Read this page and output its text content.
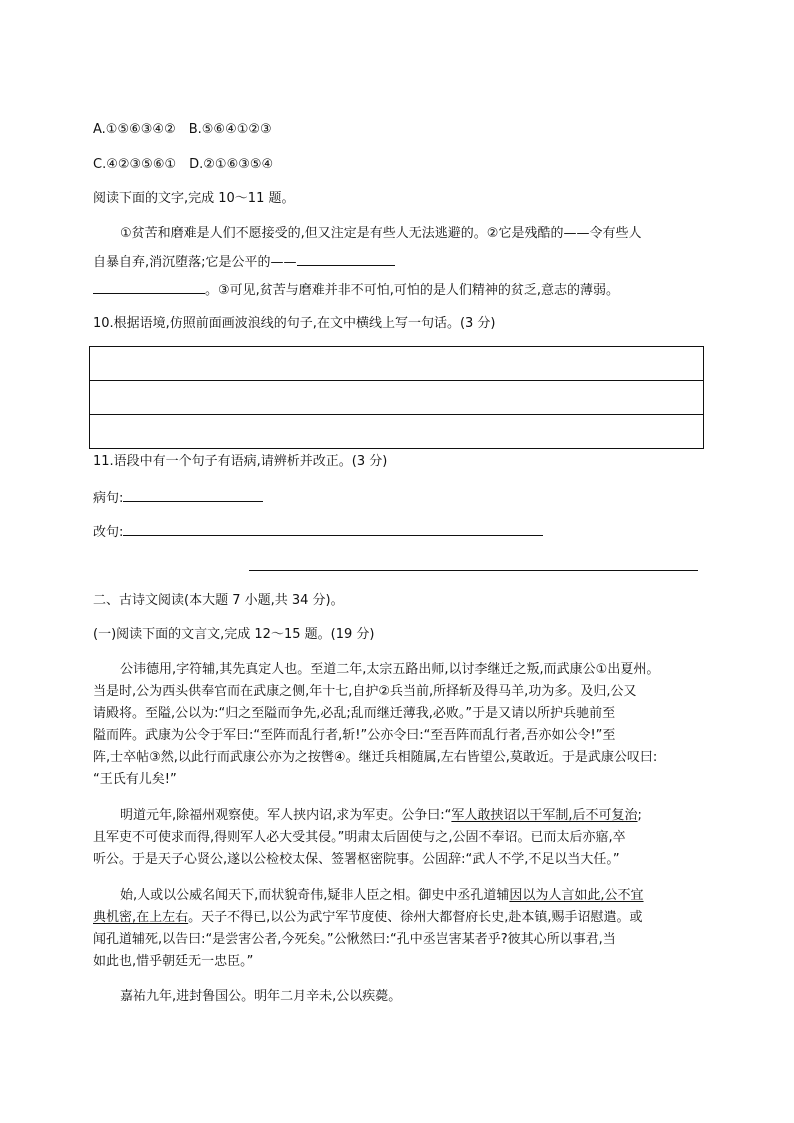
A.①⑤⑥③④②　B.⑤⑥④①②③
C.④②③⑤⑥①　D.②①⑥③⑤④
阅读下面的文字,完成 10～11 题。
①贫苦和磨难是人们不愿接受的,但又注定是有些人无法逃避的。②它是残酷的——令有些人
自暴自弃,消沉堕落;它是公平的——
。③可见,贫苦与磨难并非不可怕,可怕的是人们精神的贫乏,意志的薄弱。
10.根据语境,仿照前面画波浪线的句子,在文中横线上写一句话。(3 分)
11.语段中有一个句子有语病,请辨析并改正。(3 分)
病句:
改句:
二、古诗文阅读(本大题 7 小题,共 34 分)。
(一)阅读下面的文言文,完成 12～15 题。(19 分)
公讳德用,字符辅,其先真定人也。至道二年,太宗五路出师,以讨李继迁之叛,而武康公①出夏州。
当是时,公为西头供奉官而在武康之侧,年十七,自护②兵当前,所择斩及得马羊,功为多。及归,公又
请殿将。至隘,公以为:“归之至隘而争先,必乱;乱而继迁薄我,必败。”于是又请以所护兵驰前至
隘而阵。武康为公令于军曰:“至阵而乱行者,斩!”公亦令曰:“至吾阵而乱行者,吾亦如公令!”至
阵,士卒帖③然,以此行而武康公亦为之按辔④。继迁兵相随属,左右皆望公,莫敢近。于是武康公叹曰:
“王氏有儿矣!”
明道元年,除福州观察使。军人挟内诏,求为军吏。公争曰:“军人敢挟诏以干军制,后不可复治;
且军吏不可使求而得,得则军人必大受其侵。”明肃太后固使与之,公固不奉诏。已而太后亦寤,卒
听公。于是天子心贤公,遂以公检校太保、签署枢密院事。公固辞:“武人不学,不足以当大任。”
始,人或以公威名闻天下,而状貌奇伟,疑非人臣之相。御史中丞孔道辅因以为人言如此,公不宜
典机密,在上左右。天子不得已,以公为武宁军节度使、徐州大都督府长史,赴本镇,赐手诏慰遣。或
闻孔道辅死,以告曰:“是尝害公者,今死矣。”公愀然曰:“孔中丞岂害某者乎?彼其心所以事君,当
如此也,惜乎朝廷无一忠臣。”
嘉祐九年,进封鲁国公。明年二月辛未,公以疾薨。
